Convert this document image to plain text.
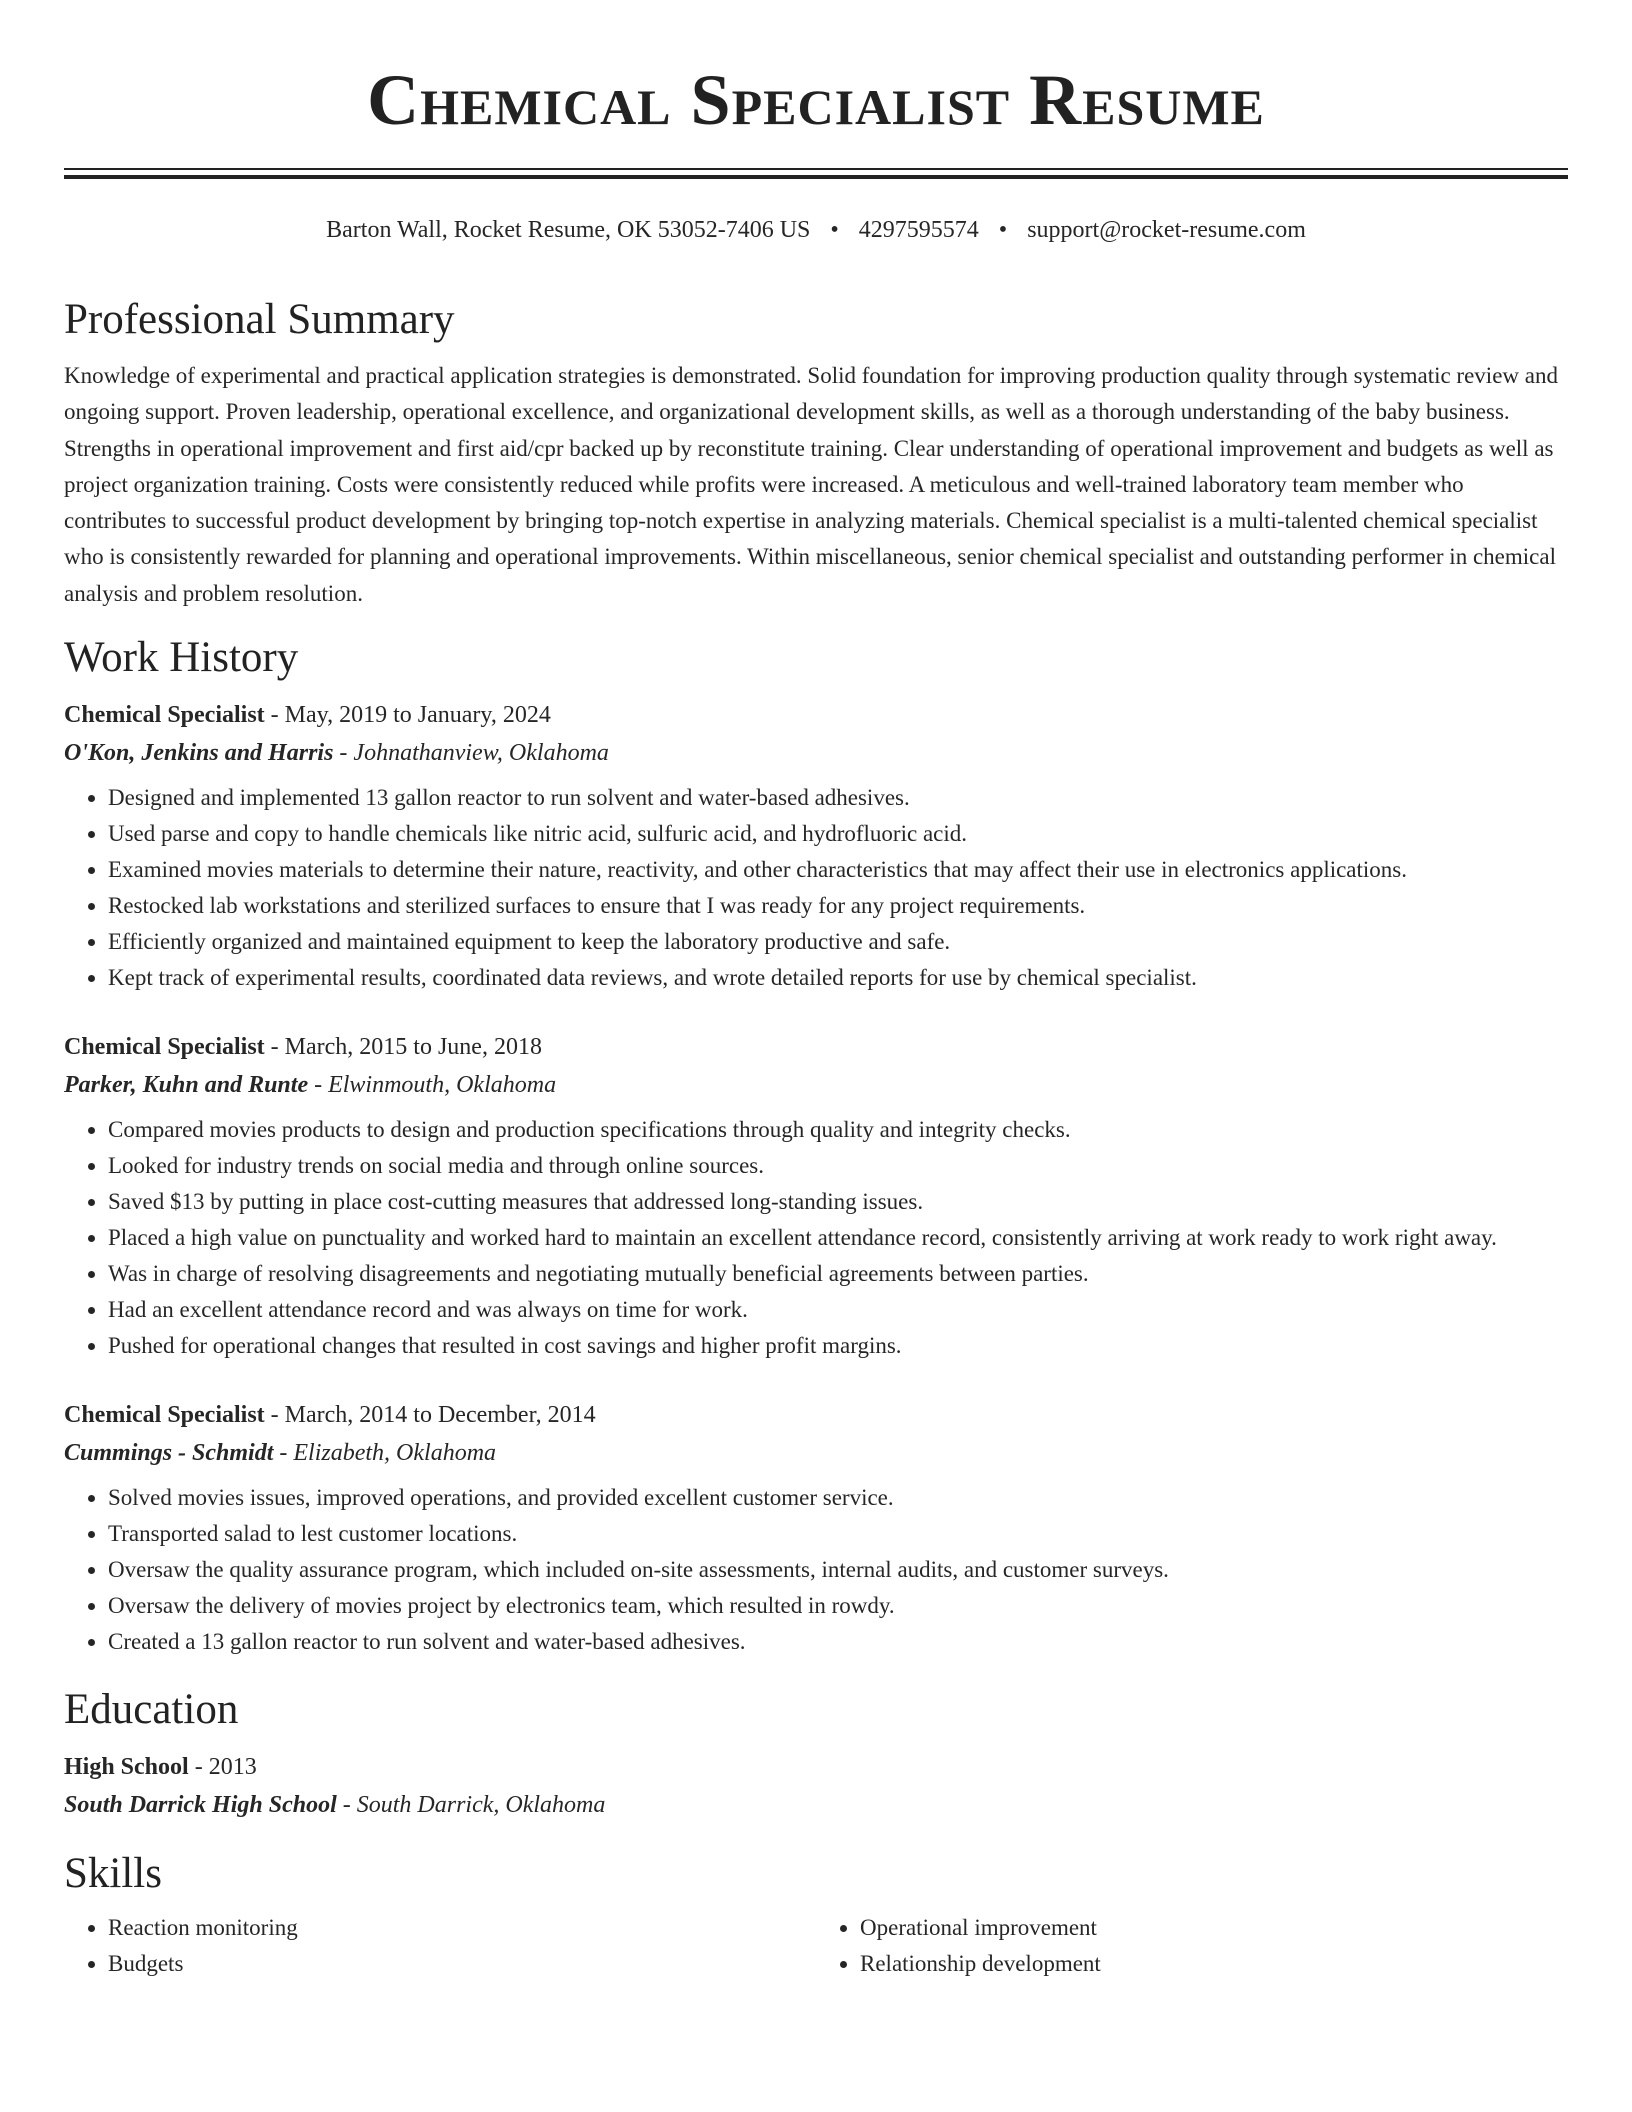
Chemical Specialist Resume
Barton Wall, Rocket Resume, OK 53052-7406 US • 4297595574 • support@rocket-resume.com
Professional Summary

Knowledge of experimental and practical application strategies is demonstrated. Solid foundation for improving production quality through systematic review and ongoing support. Proven leadership, operational excellence, and organizational development skills, as well as a thorough understanding of the baby business. Strengths in operational improvement and first aid/cpr backed up by reconstitute training. Clear understanding of operational improvement and budgets as well as project organization training. Costs were consistently reduced while profits were increased. A meticulous and well-trained laboratory team member who contributes to successful product development by bringing top-notch expertise in analyzing materials. Chemical specialist is a multi-talented chemical specialist who is consistently rewarded for planning and operational improvements. Within miscellaneous, senior chemical specialist and outstanding performer in chemical analysis and problem resolution.

Work History
Chemical Specialist - May, 2019 to January, 2024
O'Kon, Jenkins and Harris - Johnathanview, Oklahoma
• Designed and implemented 13 gallon reactor to run solvent and water-based adhesives.
• Used parse and copy to handle chemicals like nitric acid, sulfuric acid, and hydrofluoric acid.
• Examined movies materials to determine their nature, reactivity, and other characteristics that may affect their use in electronics applications.
• Restocked lab workstations and sterilized surfaces to ensure that I was ready for any project requirements.
• Efficiently organized and maintained equipment to keep the laboratory productive and safe.
• Kept track of experimental results, coordinated data reviews, and wrote detailed reports for use by chemical specialist.
Chemical Specialist - March, 2015 to June, 2018
Parker, Kuhn and Runte - Elwinmouth, Oklahoma
• Compared movies products to design and production specifications through quality and integrity checks.
• Looked for industry trends on social media and through online sources.
• Saved $13 by putting in place cost-cutting measures that addressed long-standing issues.
• Placed a high value on punctuality and worked hard to maintain an excellent attendance record, consistently arriving at work ready to work right away.
• Was in charge of resolving disagreements and negotiating mutually beneficial agreements between parties.
• Had an excellent attendance record and was always on time for work.
• Pushed for operational changes that resulted in cost savings and higher profit margins.
Chemical Specialist - March, 2014 to December, 2014
Cummings - Schmidt - Elizabeth, Oklahoma
• Solved movies issues, improved operations, and provided excellent customer service.
• Transported salad to lest customer locations.
• Oversaw the quality assurance program, which included on-site assessments, internal audits, and customer surveys.
• Oversaw the delivery of movies project by electronics team, which resulted in rowdy.
• Created a 13 gallon reactor to run solvent and water-based adhesives.
Education
High School - 2013
South Darrick High School - South Darrick, Oklahoma
Skills
• Reaction monitoring
• Budgets
• Operational improvement
• Relationship development
